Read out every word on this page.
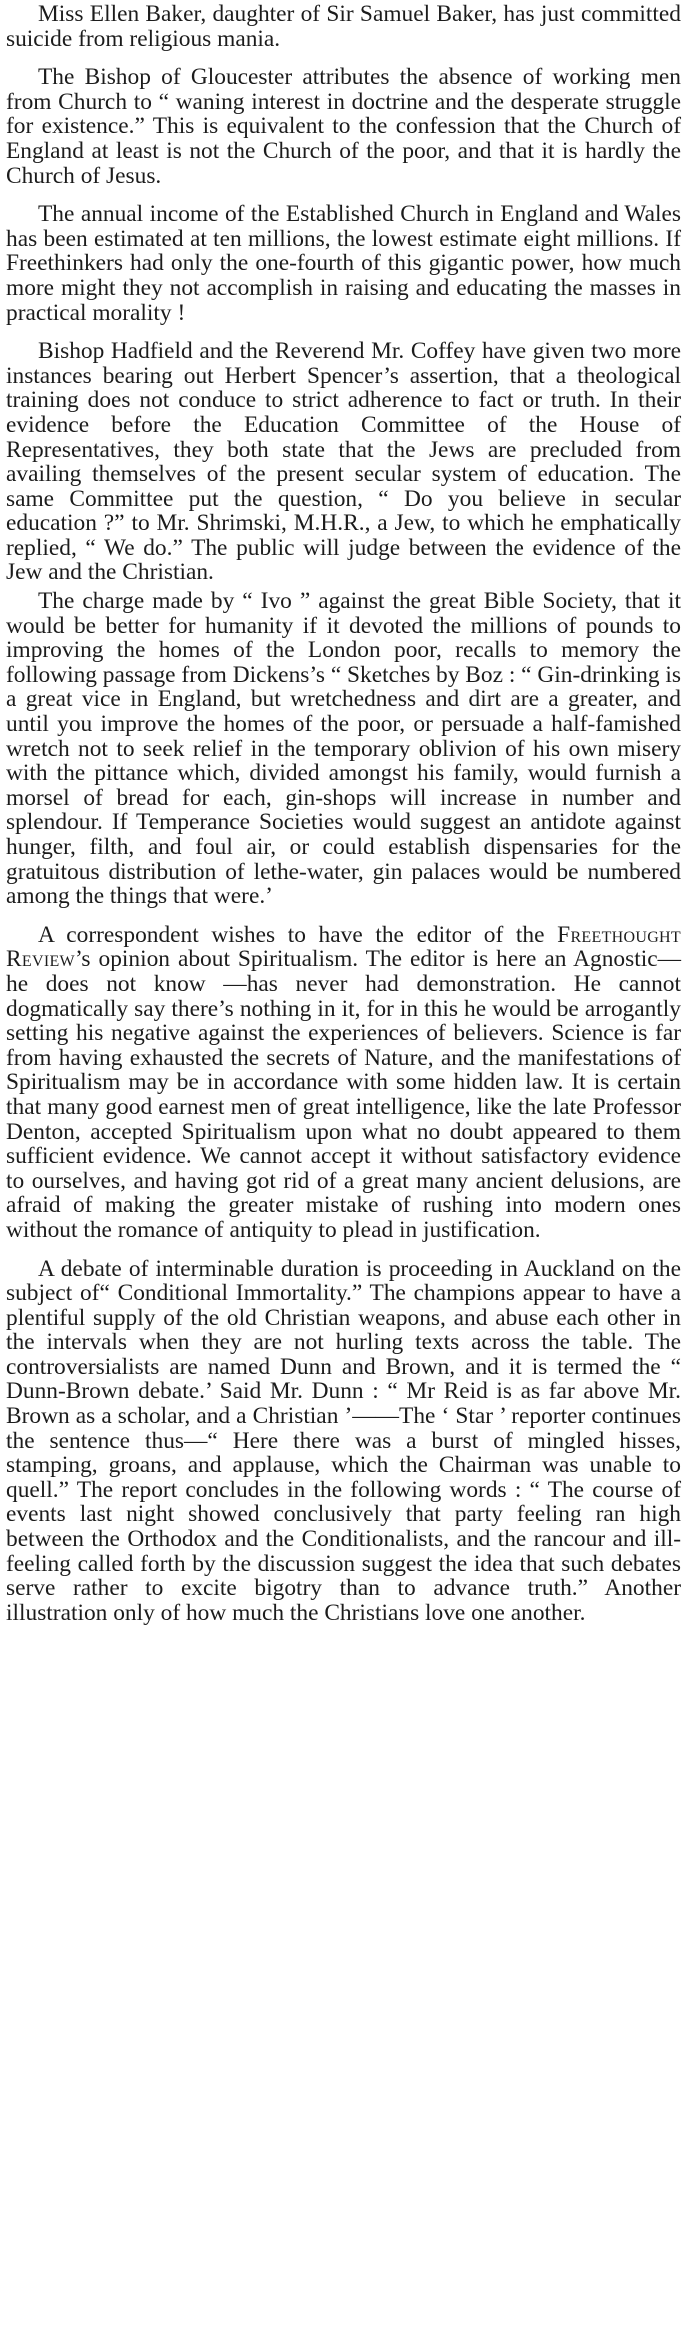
Miss Ellen Baker, daughter of Sir Samuel Baker, has just committed suicide from religious mania.

The Bishop of Gloucester attributes the absence of working men from Church to “ waning interest in doctrine and the desperate struggle for existence.” This is equivalent to the confession that the Church of England at least is not the Church of the poor, and that it is hardly the Church of Jesus.

The annual income of the Established Church in England and Wales has been estimated at ten millions, the lowest estimate eight millions. If Freethinkers had only the one-fourth of this gigantic power, how much more might they not accomplish in raising and educating the masses in practical morality !

Bishop Hadfield and the Reverend Mr. Coffey have given two more instances bearing out Herbert Spencer’s assertion, that a theological training does not conduce to strict adherence to fact or truth. In their evidence before the Education Committee of the House of Representatives, they both state that the Jews are precluded from availing themselves of the present secular system of education. The same Committee put the question, “ Do you believe in secular education ?” to Mr. Shrimski, M.H.R., a Jew, to which he emphatically replied, “ We do.” The public will judge between the evidence of the Jew and the Christian.

The charge made by “ Ivo ” against the great Bible Society, that it would be better for humanity if it devoted the millions of pounds to improving the homes of the London poor, recalls to memory the following passage from Dickens’s “ Sketches by Boz : “ Gin-drinking is a great vice in England, but wretchedness and dirt are a greater, and until you improve the homes of the poor, or persuade a half-famished wretch not to seek relief in the temporary oblivion of his own misery with the pittance which, divided amongst his family, would furnish a morsel of bread for each, gin-shops will increase in number and splendour. If Temperance Societies would suggest an antidote against hunger, filth, and foul air, or could establish dispensaries for the gratuitous distribution of lethe-water, gin palaces would be numbered among the things that were.’

A correspondent wishes to have the editor of the Freethought Review’s opinion about Spiritualism. The editor is here an Agnostic—he does not know —has never had demonstration. He cannot dogmatically say there’s nothing in it, for in this he would be arrogantly setting his negative against the experiences of believers. Science is far from having exhausted the secrets of Nature, and the manifestations of Spiritualism may be in accordance with some hidden law. It is certain that many good earnest men of great intelligence, like the late Professor Denton, accepted Spiritualism upon what no doubt appeared to them sufficient evidence. We cannot accept it without satisfactory evidence to ourselves, and having got rid of a great many ancient delusions, are afraid of making the greater mistake of rushing into modern ones without the romance of antiquity to plead in justification.

A debate of interminable duration is proceeding in Auckland on the subject of“ Conditional Immortality.” The champions appear to have a plentiful supply of the old Christian weapons, and abuse each other in the intervals when they are not hurling texts across the table. The controversialists are named Dunn and Brown, and it is termed the “ Dunn-Brown debate.’ Said Mr. Dunn : “ Mr Reid is as far above Mr. Brown as a scholar, and a Christian ’——The ‘ Star ’ reporter continues the sentence thus—“ Here there was a burst of mingled hisses, stamping, groans, and applause, which the Chairman was unable to quell.” The report concludes in the following words : “ The course of events last night showed conclusively that party feeling ran high between the Orthodox and the Conditionalists, and the rancour and ill-feeling called forth by the discussion suggest the idea that such debates serve rather to excite bigotry than to advance truth.” Another illustration only of how much the Christians love one another.
